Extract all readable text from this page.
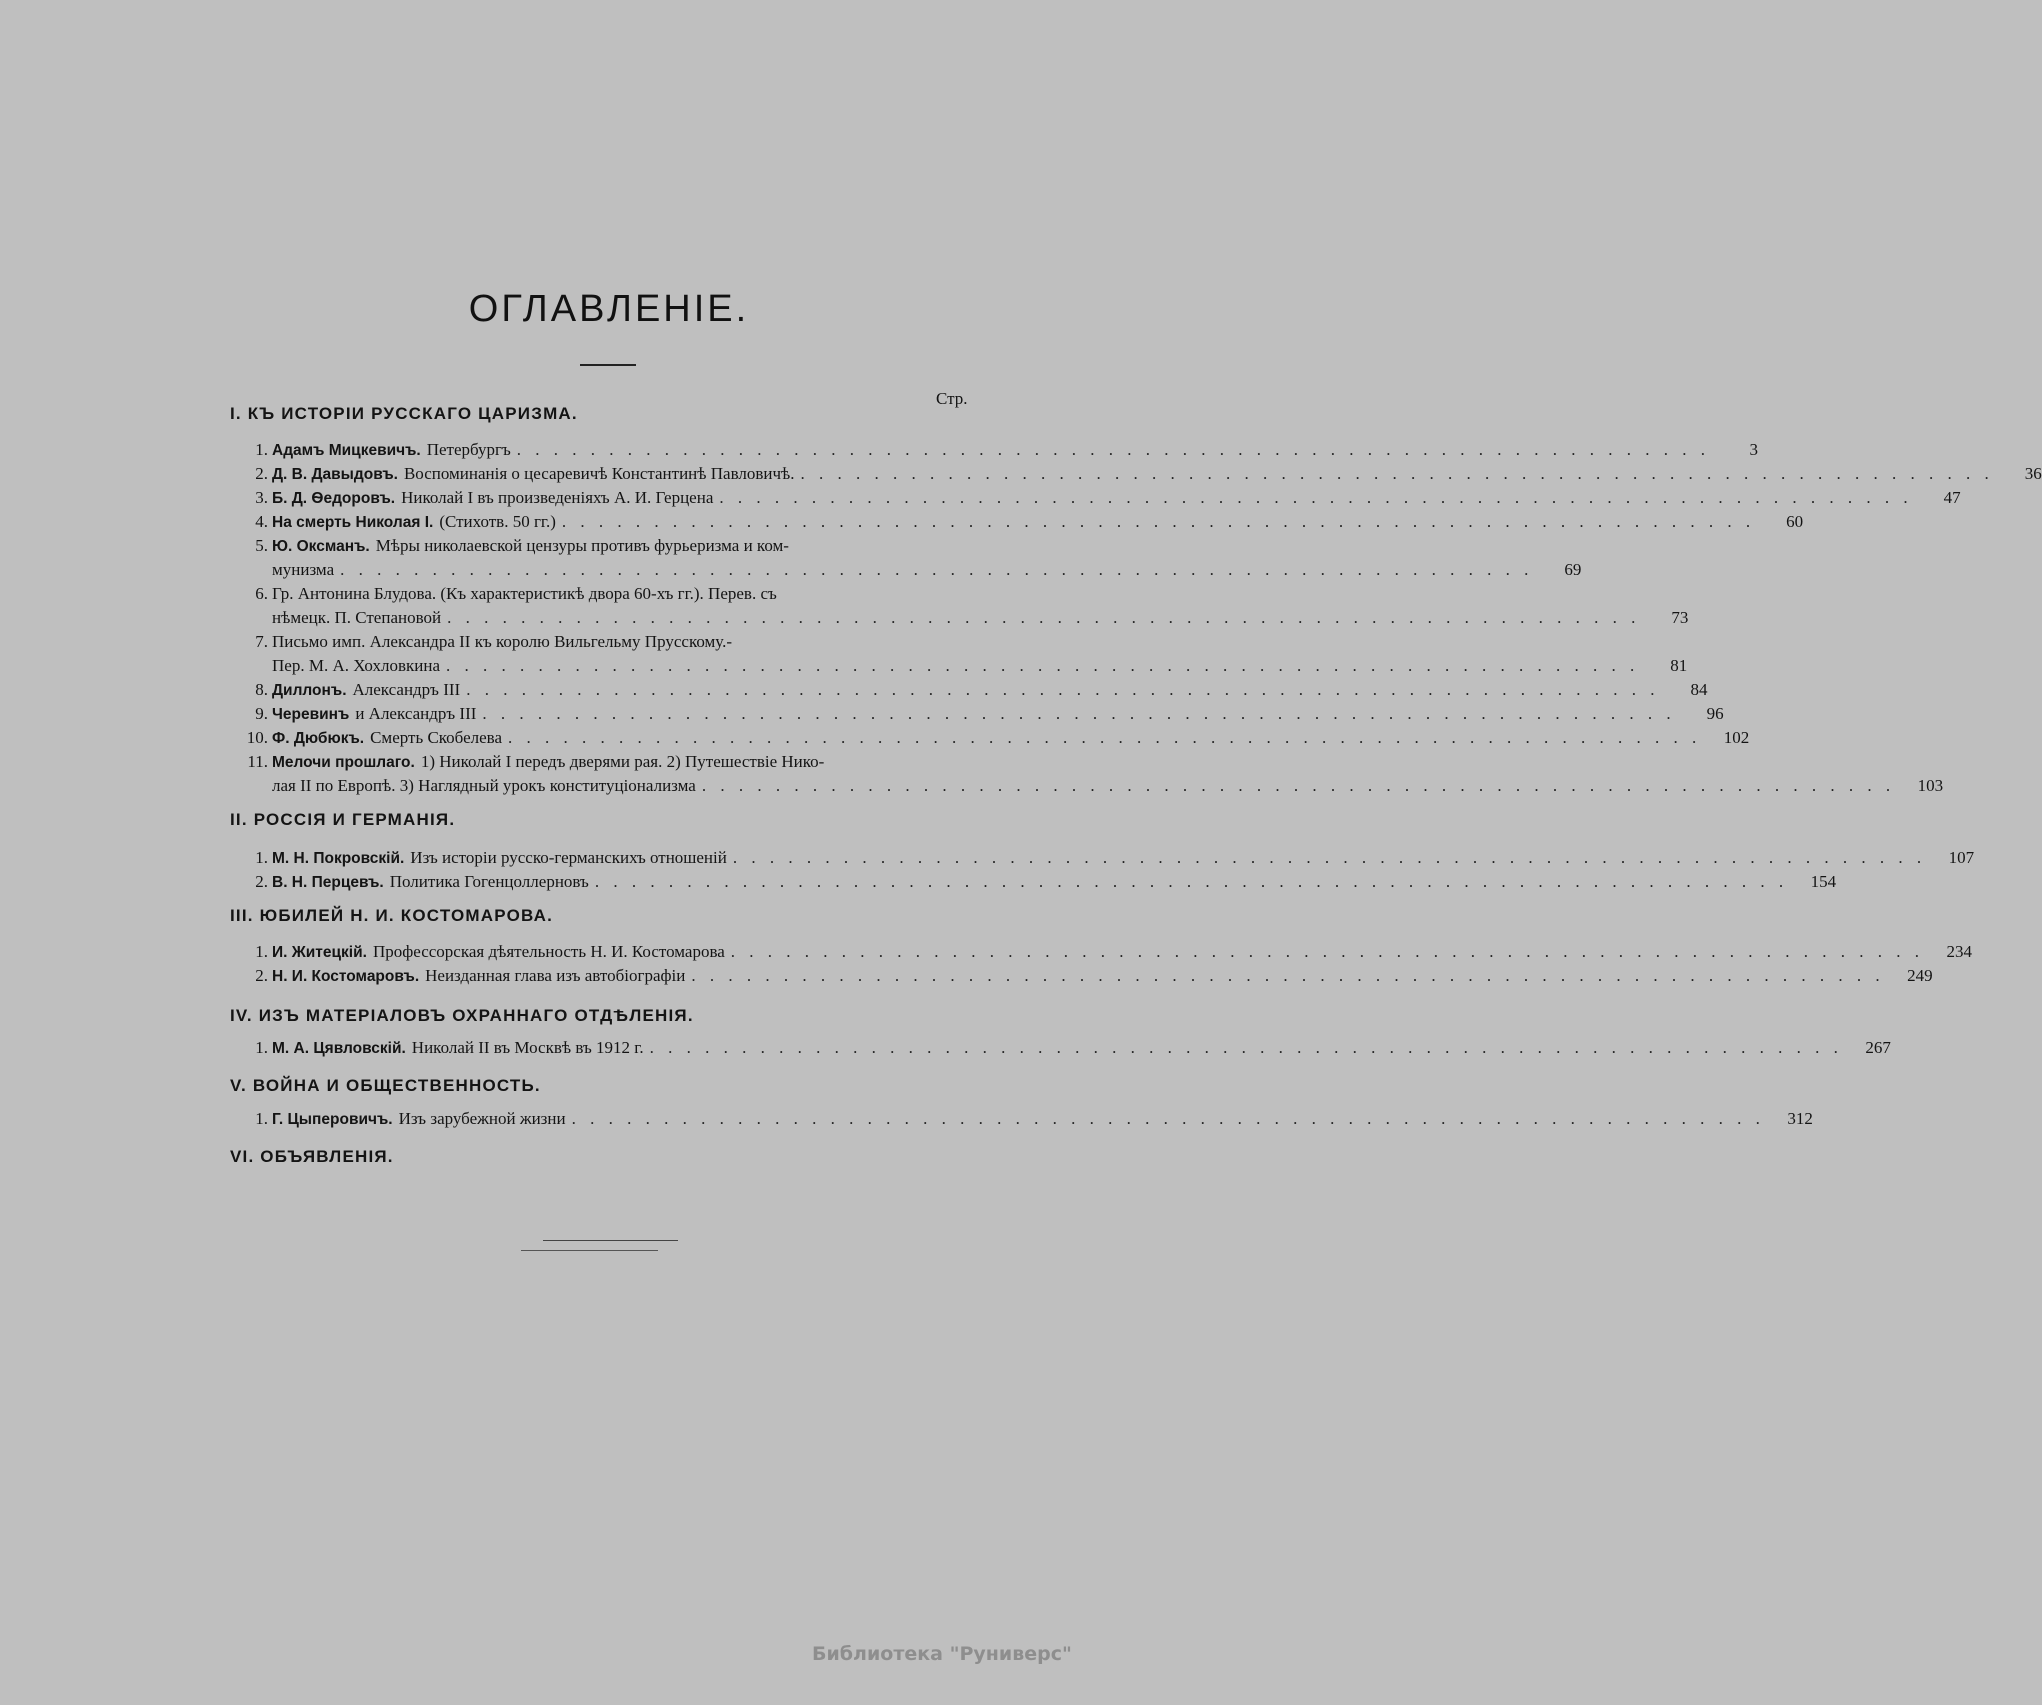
ОГЛАВЛЕНІЕ.
Стр.
I. КЪ ИСТОРІИ РУССКАГО ЦАРИЗМА.
1. Адамъ Мицкевичъ. Петербургъ . . . . . . . . . . . . . . . . . . . . . . . . . . . . . . . . . . . . . . . . . . . . . . . . . . . . . . . . . . . . . . . . .	3
2. Д. В. Давыдовъ. Воспоминанія о цесаревичѣ Константинѣ Павловичѣ. . . . . . . . . . . . . . . . . . . . . . . . . . . . . . . . . . . . . . . . . . . . . . . . . . . . . . . . . . . . . . . . . .	36
3. Б. Д. Ѳедоровъ. Николай I въ произведеніяхъ А. И. Герцена . . . . . . . . . . . . . . . . . . . . . . . . . . . . . . . . . . . . . . . . . . . . . . . . . . . . . . . . . . . . . . . . .	47
4. На смерть Николая I. (Стихотв. 50 гг.) . . . . . . . . . . . . . . . . . . . . . . . . . . . . . . . . . . . . . . . . . . . . . . . . . . . . . . . . . . . . . . . . .	60
5. Ю. Оксманъ. Мѣры николаевской цензуры противъ фурьеризма и ком-
мунизма . . . . . . . . . . . . . . . . . . . . . . . . . . . . . . . . . . . . . . . . . . . . . . . . . . . . . . . . . . . . . . . . .	69
6. Гр. Антонина Блудова. (Къ характеристикѣ двора 60-хъ гг.). Перев. съ
нѣмецк. П. Степановой . . . . . . . . . . . . . . . . . . . . . . . . . . . . . . . . . . . . . . . . . . . . . . . . . . . . . . . . . . . . . . . . .	73
7. Письмо имп. Александра II къ королю Вильгельму Прусскому.-
Пер. М. А. Хохловкина . . . . . . . . . . . . . . . . . . . . . . . . . . . . . . . . . . . . . . . . . . . . . . . . . . . . . . . . . . . . . . . . .	81
8. Диллонъ. Александръ III . . . . . . . . . . . . . . . . . . . . . . . . . . . . . . . . . . . . . . . . . . . . . . . . . . . . . . . . . . . . . . . . .	84
9. Черевинъ и Александръ III . . . . . . . . . . . . . . . . . . . . . . . . . . . . . . . . . . . . . . . . . . . . . . . . . . . . . . . . . . . . . . . . .	96
10. Ф. Дюбюкъ. Смерть Скобелева . . . . . . . . . . . . . . . . . . . . . . . . . . . . . . . . . . . . . . . . . . . . . . . . . . . . . . . . . . . . . . . . .	102
11. Мелочи прошлаго. 1) Николай I передъ дверями рая. 2) Путешествіе Нико-
лая II по Европѣ. 3) Наглядный урокъ конституціонализма . . . . . . . . . . . . . . . . . . . . . . . . . . . . . . . . . . . . . . . . . . . . . . . . . . . . . . . . . . . . . . . . .	103
II. РОССІЯ И ГЕРМАНІЯ.
1. М. Н. Покровскій. Изъ исторіи русско-германскихъ отношеній . . . . . . . . . . . . . . . . . . . . . . . . . . . . . . . . . . . . . . . . . . . . . . . . . . . . . . . . . . . . . . . . .	107
2. В. Н. Перцевъ. Политика Гогенцоллерновъ . . . . . . . . . . . . . . . . . . . . . . . . . . . . . . . . . . . . . . . . . . . . . . . . . . . . . . . . . . . . . . . . .	154
III. ЮБИЛЕЙ Н. И. КОСТОМАРОВА.
1. И. Житецкій. Профессорская дѣятельность Н. И. Костомарова . . . . . . . . . . . . . . . . . . . . . . . . . . . . . . . . . . . . . . . . . . . . . . . . . . . . . . . . . . . . . . . . .	234
2. Н. И. Костомаровъ. Неизданная глава изъ автобіографіи . . . . . . . . . . . . . . . . . . . . . . . . . . . . . . . . . . . . . . . . . . . . . . . . . . . . . . . . . . . . . . . . .	249
IV. ИЗЪ МАТЕРІАЛОВЪ ОХРАННАГО ОТДѢЛЕНІЯ.
1. М. А. Цявловскій. Николай II въ Москвѣ въ 1912 г. . . . . . . . . . . . . . . . . . . . . . . . . . . . . . . . . . . . . . . . . . . . . . . . . . . . . . . . . . . . . . . . . .	267
V. ВОЙНА И ОБЩЕСТВЕННОСТЬ.
1. Г. Цыперовичъ. Изъ зарубежной жизни . . . . . . . . . . . . . . . . . . . . . . . . . . . . . . . . . . . . . . . . . . . . . . . . . . . . . . . . . . . . . . . . .	312
VI. ОБЪЯВЛЕНІЯ.
Библиотека "Руниверс"
